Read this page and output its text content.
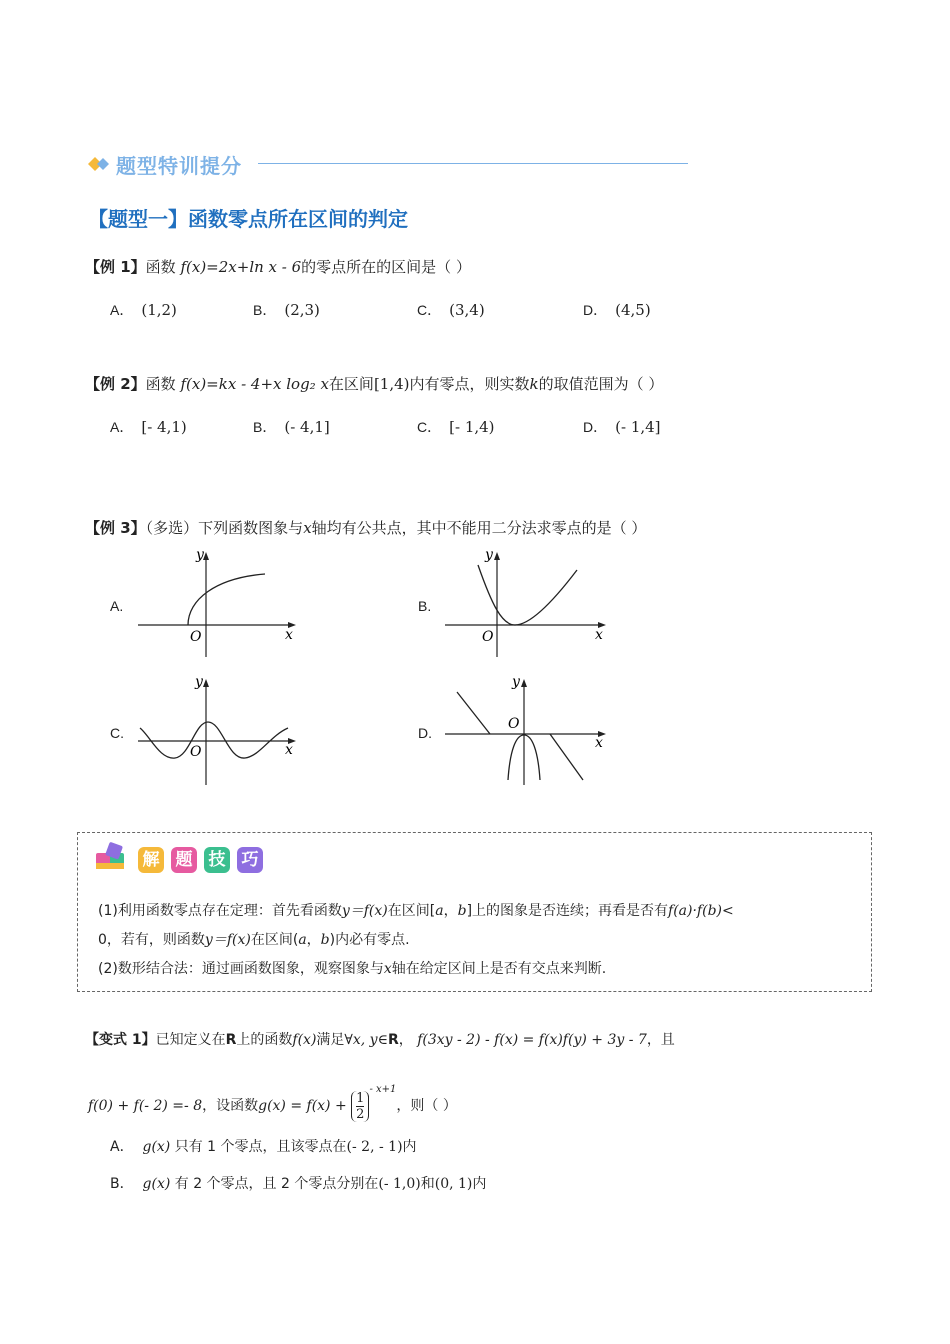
题型特训提分
【题型一】函数零点所在区间的判定
【例 1】函数 f(x)=2x+ln x - 6的零点所在的区间是（ ）
A． (1,2)	B． (2,3)	C． (3,4)	D． (4,5)
【例 2】函数 f(x)=kx - 4+x log₂ x在区间[1,4)内有零点，则实数k的取值范围为（ ）
A． [- 4,1)	B． (- 4,1]	C． [- 1,4)	D． (- 1,4]
【例 3】（多选）下列函数图象与x轴均有公共点，其中不能用二分法求零点的是（ ）
A.
y
x
O
B.
y
x
O
C.
y
x
O
D.
y
x
O
解 题 技 巧
(1)利用函数零点存在定理：首先看函数y＝f(x)在区间[a，b]上的图象是否连续；再看是否有f(a)·f(b)<
0，若有，则函数y＝f(x)在区间(a，b)内必有零点.
(2)数形结合法：通过画函数图象，观察图象与x轴在给定区间上是否有交点来判断.
【变式 1】已知定义在R上的函数f(x)满足∀x, y∈R， f(3xy - 2) - f(x) = f(x)f(y) + 3y - 7，且
f(0) + f(- 2) =- 8，设函数$g(x) = f(x) + \frac{1}{2}$
$^{- x+1}$，则（ ）
A． g(x) 只有 1 个零点，且该零点在(- 2, - 1)内
B． g(x) 有 2 个零点，且 2 个零点分别在(- 1,0)和(0, 1)内
